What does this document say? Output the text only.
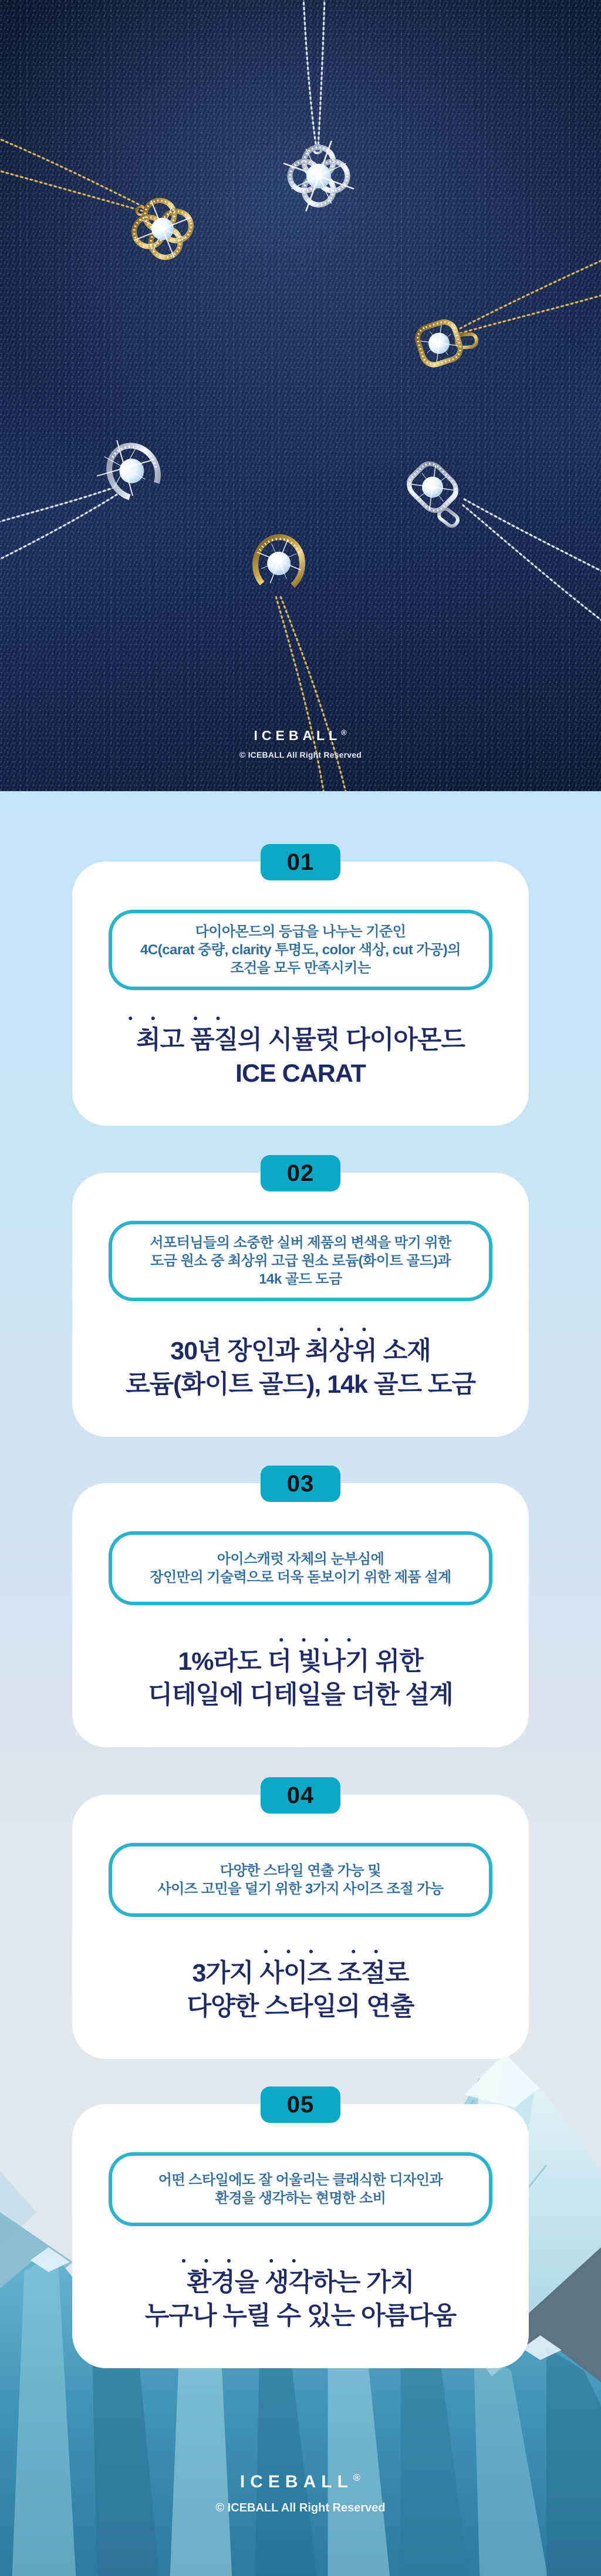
ICEBALL®
© ICEBALL All Right Reserved
01
다이아몬드의 등급을 나누는 기준인
4C(carat 중량, clarity 투명도, color 색상, cut 가공)의
조건을 모두 만족시키는
●● ●●
최고 품질의 시뮬럿 다이아몬드
ICE CARAT
02
서포터님들의 소중한 실버 제품의 변색을 막기 위한
도금 원소 중 최상위 고급 원소 로듐(화이트 골드)과
14k 골드 도금
●●●
30년 장인과 최상위 소재
로듐(화이트 골드), 14k 골드 도금
03
아이스캐럿 자체의 눈부심에
장인만의 기술력으로 더욱 돋보이기 위한 제품 설계
●●●●
1%라도 더 빛나기 위한
디테일에 디테일을 더한 설계
04
다양한 스타일 연출 가능 및
사이즈 고민을 덜기 위한 3가지 사이즈 조절 가능
●●● ●●
3가지 사이즈 조절로
다양한 스타일의 연출
05
어떤 스타일에도 잘 어울리는 클래식한 디자인과
환경을 생각하는 현명한 소비
●●● ●●
환경을 생각하는 가치
누구나 누릴 수 있는 아름다움
ICEBALL®
© ICEBALL All Right Reserved
